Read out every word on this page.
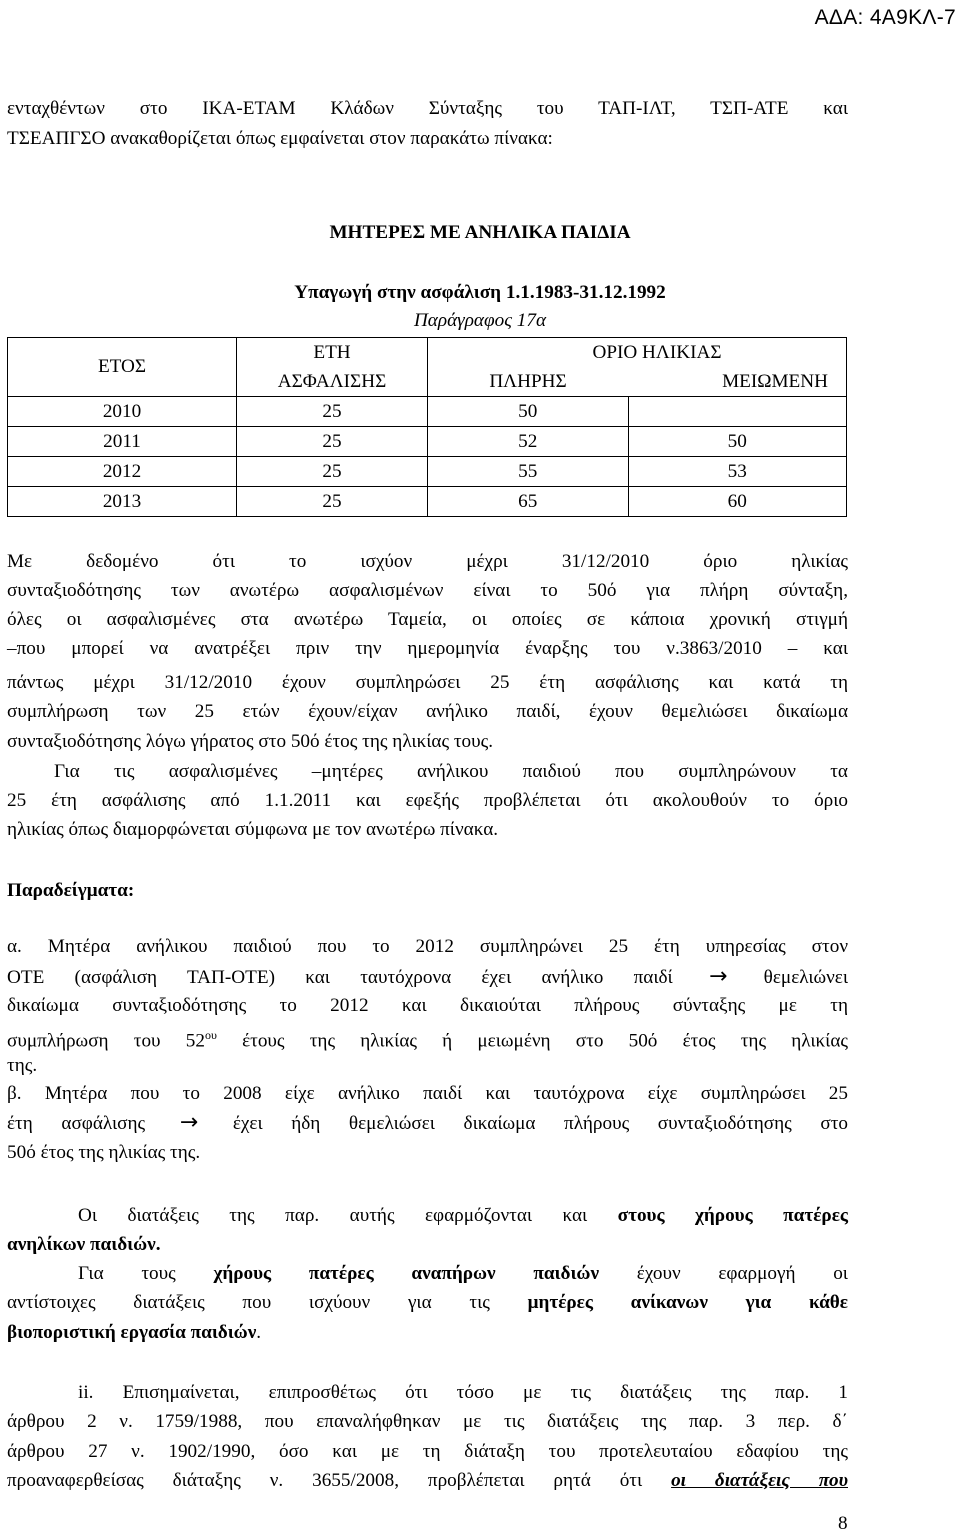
ΑΔΑ: 4Α9ΚΛ-7
ενταχθέντων στο ΙΚΑ-ΕΤΑΜ Κλάδων Σύνταξης του ΤΑΠ-ΙΛΤ, ΤΣΠ-ΑΤΕ και
ΤΣΕΑΠΓΣΟ ανακαθορίζεται όπως εμφαίνεται στον παρακάτω πίνακα:
ΜΗΤΕΡΕΣ ΜΕ ΑΝΗΛΙΚΑ ΠΑΙΔΙΑ
Υπαγωγή στην ασφάλιση 1.1.1983-31.12.1992
Παράγραφος 17α
ΕΤΟΣ	ΕΤΗ	ΟΡΙΟ ΗΛΙΚΙΑΣ	
	ΑΣΦΑΛΙΣΗΣ	ΠΛΗΡΗΣ	ΜΕΙΩΜΕΝΗ
2010	25	50	
2011	25	52	50
2012	25	55	53
2013	25	65	60
Με δεδομένο ότι το ισχύον μέχρι 31/12/2010 όριο ηλικίας
συνταξιοδότησης των ανωτέρω ασφαλισμένων είναι το 50ό για πλήρη σύνταξη,
όλες οι ασφαλισμένες στα ανωτέρω Ταμεία, οι οποίες σε κάποια χρονική στιγμή
–που μπορεί να ανατρέξει πριν την ημερομηνία έναρξης του ν.3863/2010 – και
πάντως μέχρι 31/12/2010 έχουν συμπληρώσει 25 έτη ασφάλισης και κατά τη
συμπλήρωση των 25 ετών έχουν/είχαν ανήλικο παιδί, έχουν θεμελιώσει δικαίωμα
συνταξιοδότησης λόγω γήρατος στο 50ό έτος της ηλικίας τους.
Για τις ασφαλισμένες –μητέρες ανήλικου παιδιού που συμπληρώνουν τα
25 έτη ασφάλισης από 1.1.2011 και εφεξής προβλέπεται ότι ακολουθούν το όριο
ηλικίας όπως διαμορφώνεται σύμφωνα με τον ανωτέρω πίνακα.
Παραδείγματα:
α. Μητέρα ανήλικου παιδιού που το 2012 συμπληρώνει 25 έτη υπηρεσίας στον
ΟΤΕ (ασφάλιση ΤΑΠ-ΟΤΕ) και ταυτόχρονα έχει ανήλικο παιδί → θεμελιώνει
δικαίωμα συνταξιοδότησης το 2012 και δικαιούται πλήρους σύνταξης με τη
συμπλήρωση του $52^{o\upsilon}$ έτους της ηλικίας ή μειωμένη στο 50ό έτος της ηλικίας
της.
β. Μητέρα που το 2008 είχε ανήλικο παιδί και ταυτόχρονα είχε συμπληρώσει 25
έτη ασφάλισης → έχει ήδη θεμελιώσει δικαίωμα πλήρους συνταξιοδότησης στο
50ό έτος της ηλικίας της.
Οι διατάξεις της παρ. αυτής εφαρμόζονται και στους χήρους πατέρες
ανηλίκων παιδιών.
Για τους χήρους πατέρες αναπήρων παιδιών έχουν εφαρμογή οι
αντίστοιχες διατάξεις που ισχύουν για τις μητέρες ανίκανων για κάθε
βιοποριστική εργασία παιδιών.
ii. Επισημαίνεται, επιπροσθέτως ότι τόσο με τις διατάξεις της παρ. 1
άρθρου 2 ν. 1759/1988, που επαναλήφθηκαν με τις διατάξεις της παρ. 3 περ. δ΄
άρθρου 27 ν. 1902/1990, όσο και με τη διάταξη του προτελευταίου εδαφίου της
προαναφερθείσας διάταξης ν. 3655/2008, προβλέπεται ρητά ότι οι διατάξεις που
8
